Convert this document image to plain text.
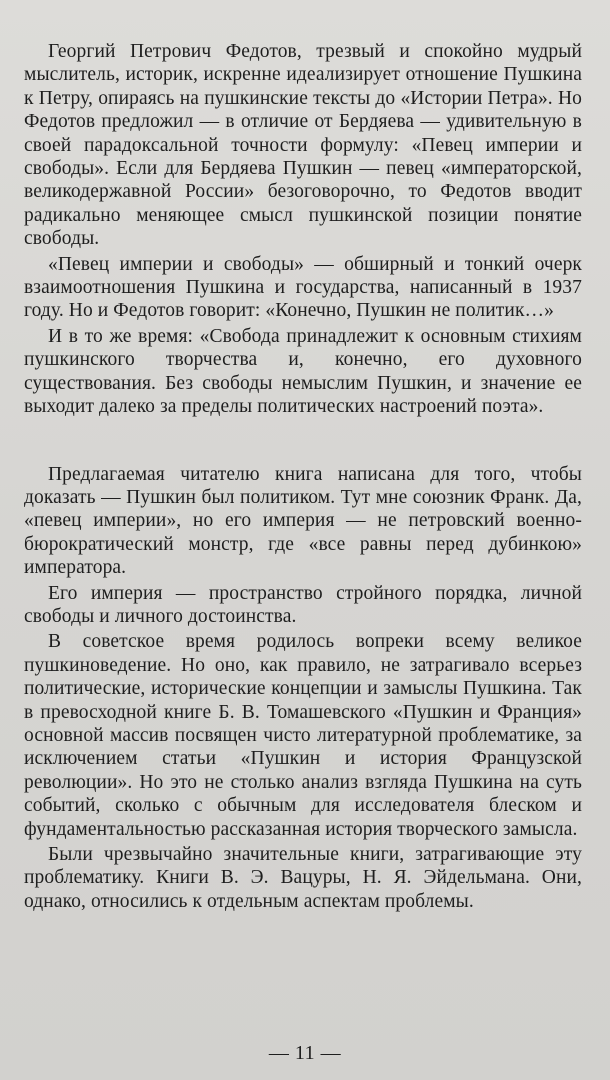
Георгий Петрович Федотов, трезвый и спокойно мудрый мыслитель, историк, искренне идеализирует отношение Пушкина к Петру, опираясь на пушкинские тексты до «Истории Петра». Но Федотов предложил — в отличие от Бердяева — удивительную в своей парадоксальной точности формулу: «Певец империи и свободы». Если для Бердяева Пушкин — певец «императорской, великодержавной России» безоговорочно, то Федотов вводит радикально меняющее смысл пушкинской позиции понятие свободы.

«Певец империи и свободы» — обширный и тонкий очерк взаимоотношения Пушкина и государства, написанный в 1937 году. Но и Федотов говорит: «Конечно, Пушкин не политик…»

И в то же время: «Свобода принадлежит к основным стихиям пушкинского творчества и, конечно, его духовного существования. Без свободы немыслим Пушкин, и значение ее выходит далеко за пределы политических настроений поэта».

Предлагаемая читателю книга написана для того, чтобы доказать — Пушкин был политиком. Тут мне союзник Франк. Да, «певец империи», но его империя — не петровский военно-бюрократический монстр, где «все равны перед дубинкою» императора.

Его империя — пространство стройного порядка, личной свободы и личного достоинства.

В советское время родилось вопреки всему великое пушкиноведение. Но оно, как правило, не затрагивало всерьез политические, исторические концепции и замыслы Пушкина. Так в превосходной книге Б. В. Томашевского «Пушкин и Франция» основной массив посвящен чисто литературной проблематике, за исключением статьи «Пушкин и история Французской революции». Но это не столько анализ взгляда Пушкина на суть событий, сколько с обычным для исследователя блеском и фундаментальностью рассказанная история творческого замысла.

Были чрезвычайно значительные книги, затрагивающие эту проблематику. Книги В. Э. Вацуры, Н. Я. Эйдельмана. Они, однако, относились к отдельным аспектам проблемы.

— 11 —
